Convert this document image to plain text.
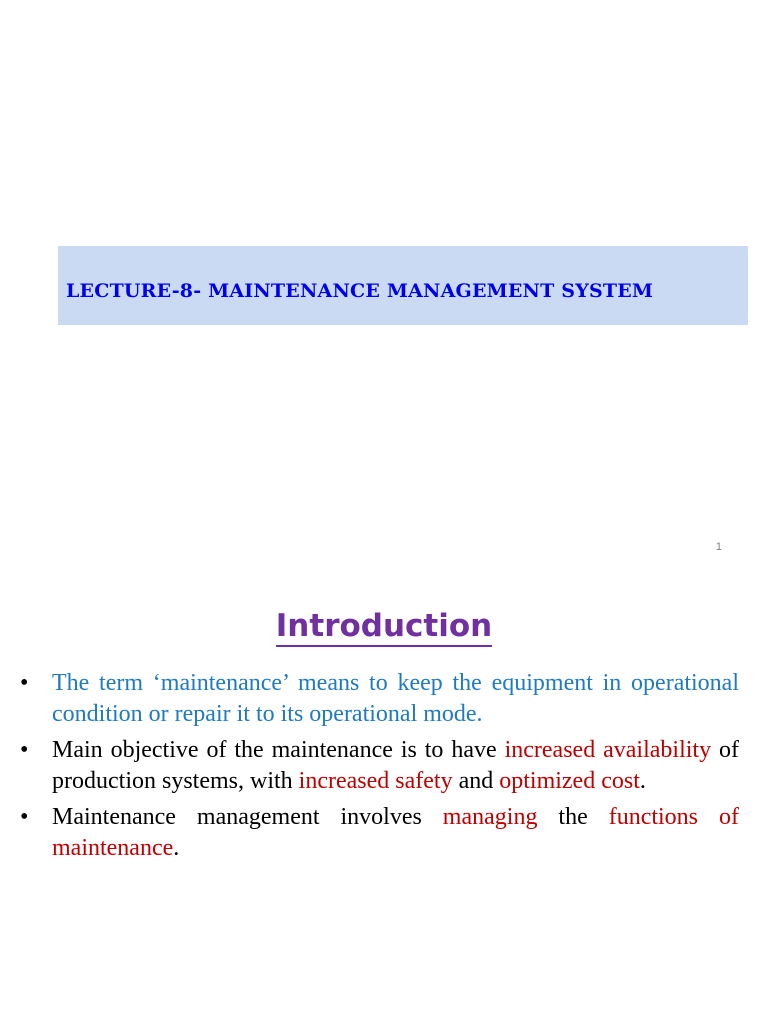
LECTURE-8- MAINTENANCE MANAGEMENT SYSTEM
1
Introduction
• The term ‘maintenance’ means to keep the equipment in operational condition or repair it to its operational mode.
• Main objective of the maintenance is to have increased availability of production systems, with increased safety and optimized cost.
• Maintenance management involves managing the functions of maintenance.
